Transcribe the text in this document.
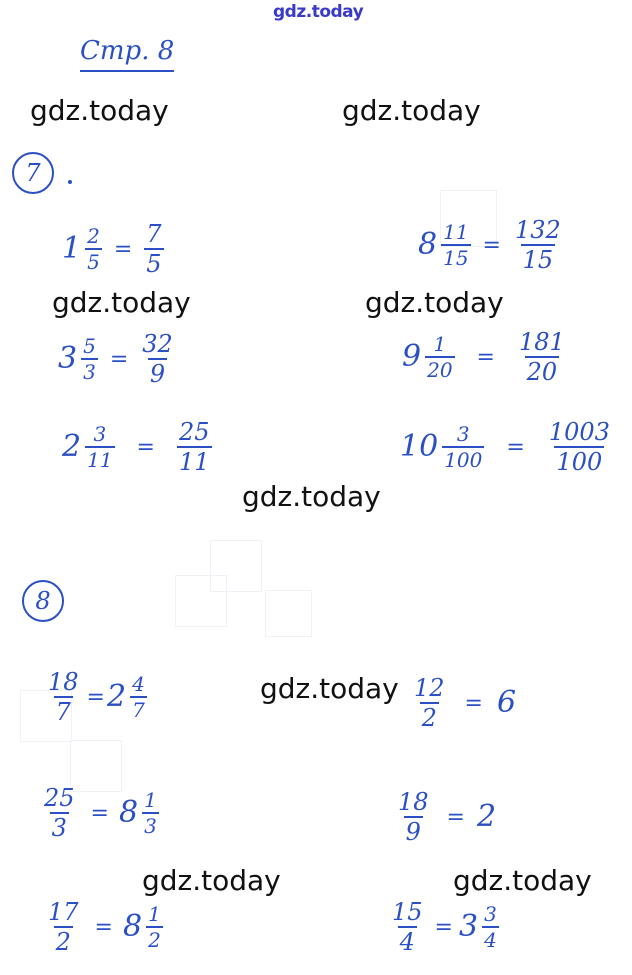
gdz.today
Стр. 8
gdz.today	gdz.today
gdz.today	gdz.today
gdz.today
gdz.today
gdz.today	gdz.today
7
$1 \frac{2}{5} = \frac{7}{5}$	$8 \frac{11}{15} = \frac{132}{15}$
$3 \frac{5}{3} = \frac{32}{9}$	$9 \frac{1}{20} = \frac{181}{20}$
$2 \frac{3}{11} = \frac{25}{11}$	$10 \frac{3}{100} = \frac{1003}{100}$
8
$\frac{18}{7} = 2 \frac{4}{7}$	$\frac{12}{2} = 6$
$\frac{25}{3} = 8 \frac{1}{3}$	$\frac{18}{9} = 2$
$\frac{17}{2} = 8 \frac{1}{2}$	$\frac{15}{4} = 3 \frac{3}{4}$
